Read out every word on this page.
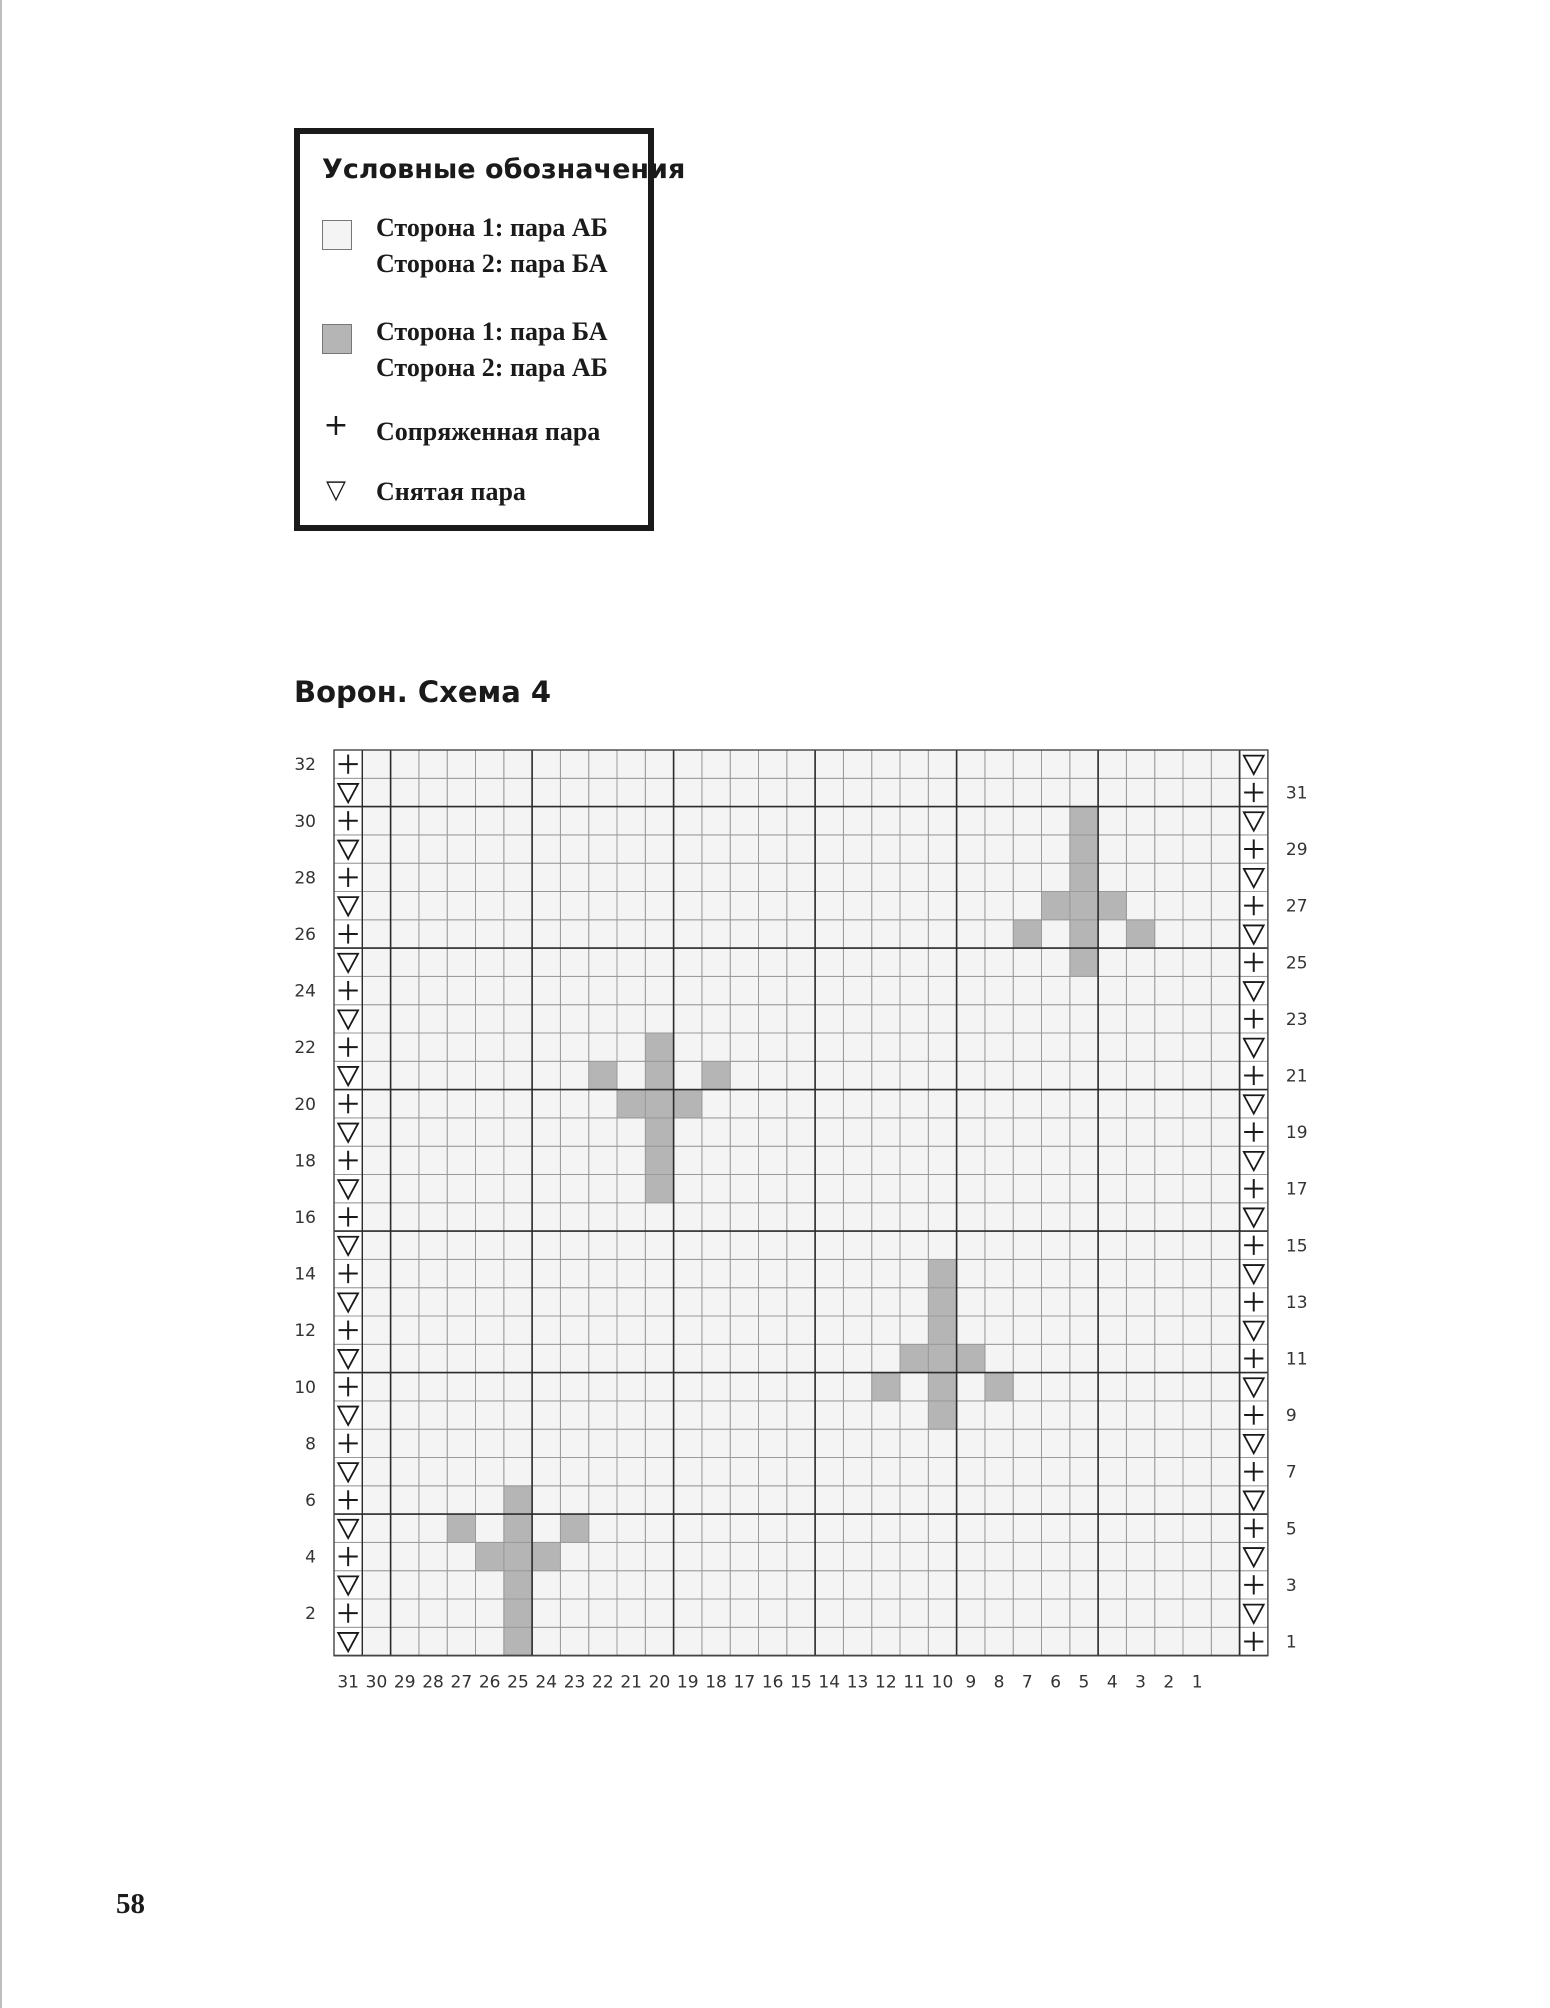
Условные обозначения
Сторона 1: пара АБ
Сторона 2: пара БА
Сторона 1: пара БА
Сторона 2: пара АБ
+ Сопряженная пара
▽	Снятая пара
Ворон. Схема 4
31 30 29 28 27 26 25 24 23 22 21 20 19 18 17 16 15 14 13 12 11 10 9 8 7 6 5 4 3 2 1
32
30
28
26
24
22
20
18
16
14
12
10
8
6
4
2
31
29
27
25
23
21
19
17
15
13
11
9
7
5
3
1
58
